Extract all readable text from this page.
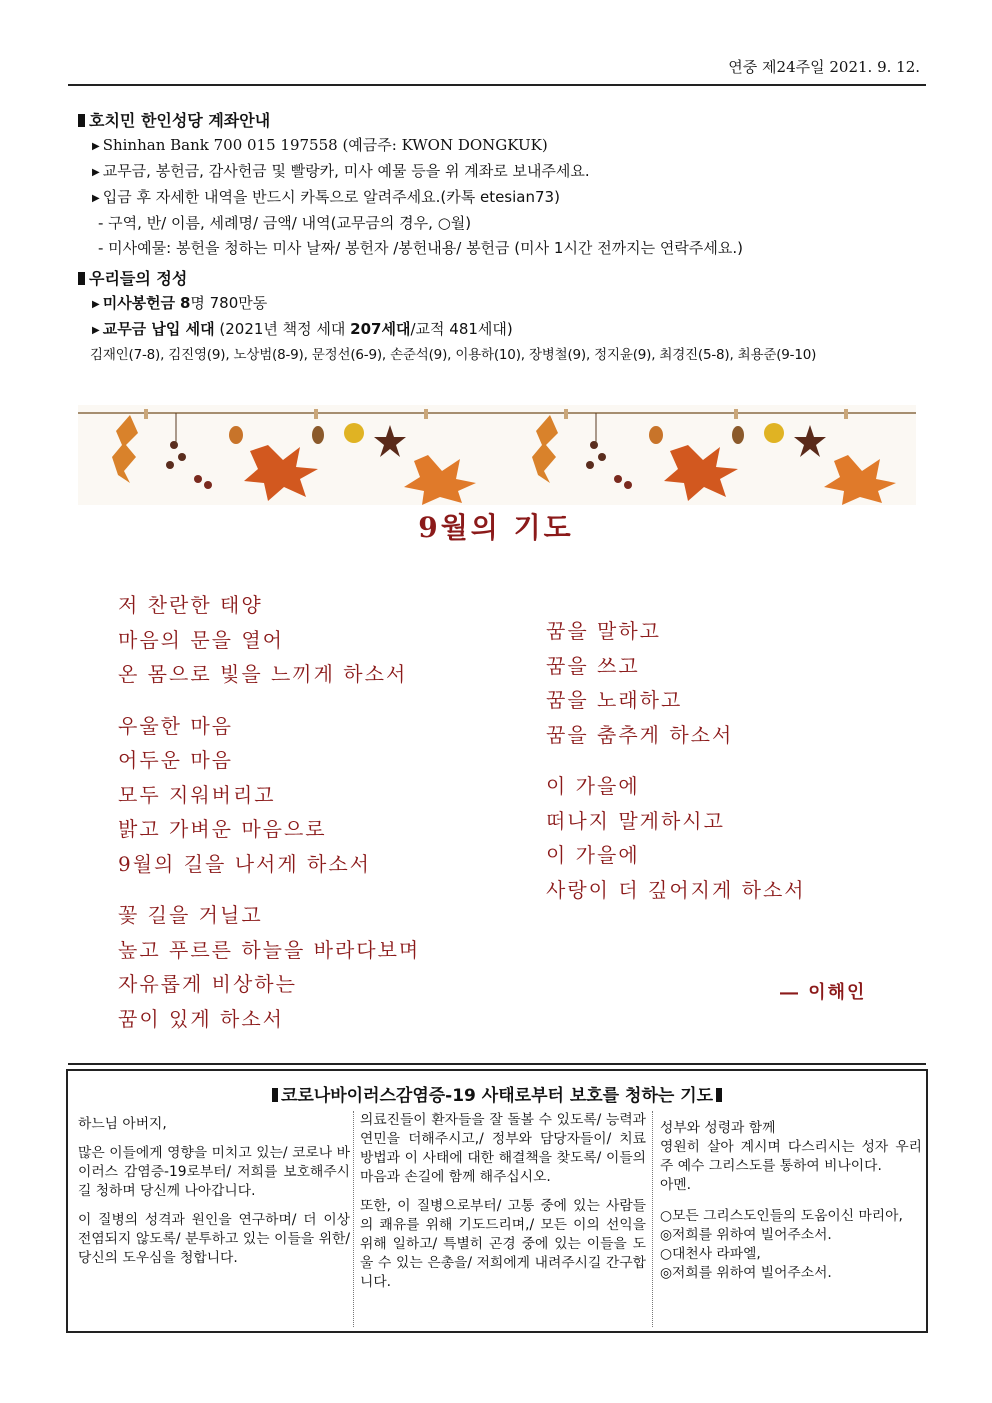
연중 제24주일 2021. 9. 12.
호치민 한인성당 계좌안내
▶ Shinhan Bank 700 015 197558 (예금주: KWON DONGKUK)
▶ 교무금, 봉헌금, 감사헌금 및 빨랑카, 미사 예물 등을 위 계좌로 보내주세요.
▶ 입금 후 자세한 내역을 반드시 카톡으로 알려주세요.(카톡 etesian73)
- 구역, 반/ 이름, 세례명/ 금액/ 내역(교무금의 경우, ○월)
- 미사예물: 봉헌을 청하는 미사 날짜/ 봉헌자 /봉헌내용/ 봉헌금 (미사 1시간 전까지는 연락주세요.)
우리들의 정성
▶ 미사봉헌금 8명 780만동
▶ 교무금 납입 세대 (2021년 책정 세대 207세대/교적 481세대)
김재인(7-8), 김진영(9), 노상범(8-9), 문정선(6-9), 손준석(9), 이용하(10), 장병철(9), 정지윤(9), 최경진(5-8), 최용준(9-10)
9월의 기도
저 찬란한 태양
마음의 문을 열어
온 몸으로 빛을 느끼게 하소서
우울한 마음
어두운 마음
모두 지워버리고
밝고 가벼운 마음으로
9월의 길을 나서게 하소서
꽃 길을 거닐고
높고 푸르른 하늘을 바라다보며
자유롭게 비상하는
꿈이 있게 하소서
꿈을 말하고
꿈을 쓰고
꿈을 노래하고
꿈을 춤추게 하소서
이 가을에
떠나지 말게하시고
이 가을에
사랑이 더 깊어지게 하소서
― 이해인
코로나바이러스감염증-19 사태로부터 보호를 청하는 기도

하느님 아버지,

많은 이들에게 영향을 미치고 있는/ 코로나 바이러스 감염증-19로부터/ 저희를 보호해주시길 청하며 당신께 나아갑니다.

이 질병의 성격과 원인을 연구하며/ 더 이상 전염되지 않도록/ 분투하고 있는 이들을 위한/ 당신의 도우심을 청합니다.

의료진들이 환자들을 잘 돌볼 수 있도록/ 능력과 연민을 더해주시고,/ 정부와 담당자들이/ 치료 방법과 이 사태에 대한 해결책을 찾도록/ 이들의 마음과 손길에 함께 해주십시오.

또한, 이 질병으로부터/ 고통 중에 있는 사람들의 쾌유를 위해 기도드리며,/ 모든 이의 선익을 위해 일하고/ 특별히 곤경 중에 있는 이들을 도울 수 있는 은총을/ 저희에게 내려주시길 간구합니다.

성부와 성령과 함께
영원히 살아 계시며 다스리시는 성자 우리 주 예수 그리스도를 통하여 비나이다.
아멘.
○모든 그리스도인들의 도움이신 마리아,
◎저희를 위하여 빌어주소서.
○대천사 라파엘,
◎저희를 위하여 빌어주소서.
